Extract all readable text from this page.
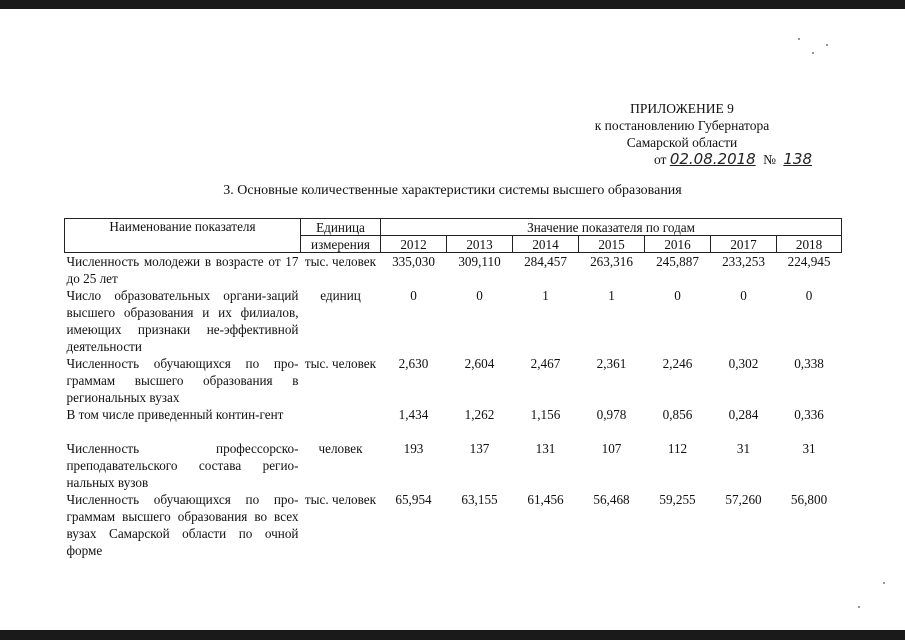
ПРИЛОЖЕНИЕ 9
к постановлению Губернатора
Самарской области
от 02.08.2018 № 138
3. Основные количественные характеристики системы высшего образования
Наименование показателя	Единица	Значение показателя по годам						
	измерения	2012	2013	2014	2015	2016	2017	2018
Численность молодежи в возрасте от 17 до 25 лет	тыс. человек	335,030	309,110	284,457	263,316	245,887	233,253	224,945
Число образовательных органи-заций высшего образования и их филиалов, имеющих признаки не-эффективной деятельности	единиц	0	0	1	1	0	0	0
Численность обучающихся по про-граммам высшего образования в региональных вузах	тыс. человек	2,630	2,604	2,467	2,361	2,246	0,302	0,338
В том числе приведенный контин-гент		1,434	1,262	1,156	0,978	0,856	0,284	0,336
Численность профессорско-преподавательского состава регио-нальных вузов	человек	193	137	131	107	112	31	31
Численность обучающихся по про-граммам высшего образования во всех вузах Самарской области по очной форме	тыс. человек	65,954	63,155	61,456	56,468	59,255	57,260	56,800
